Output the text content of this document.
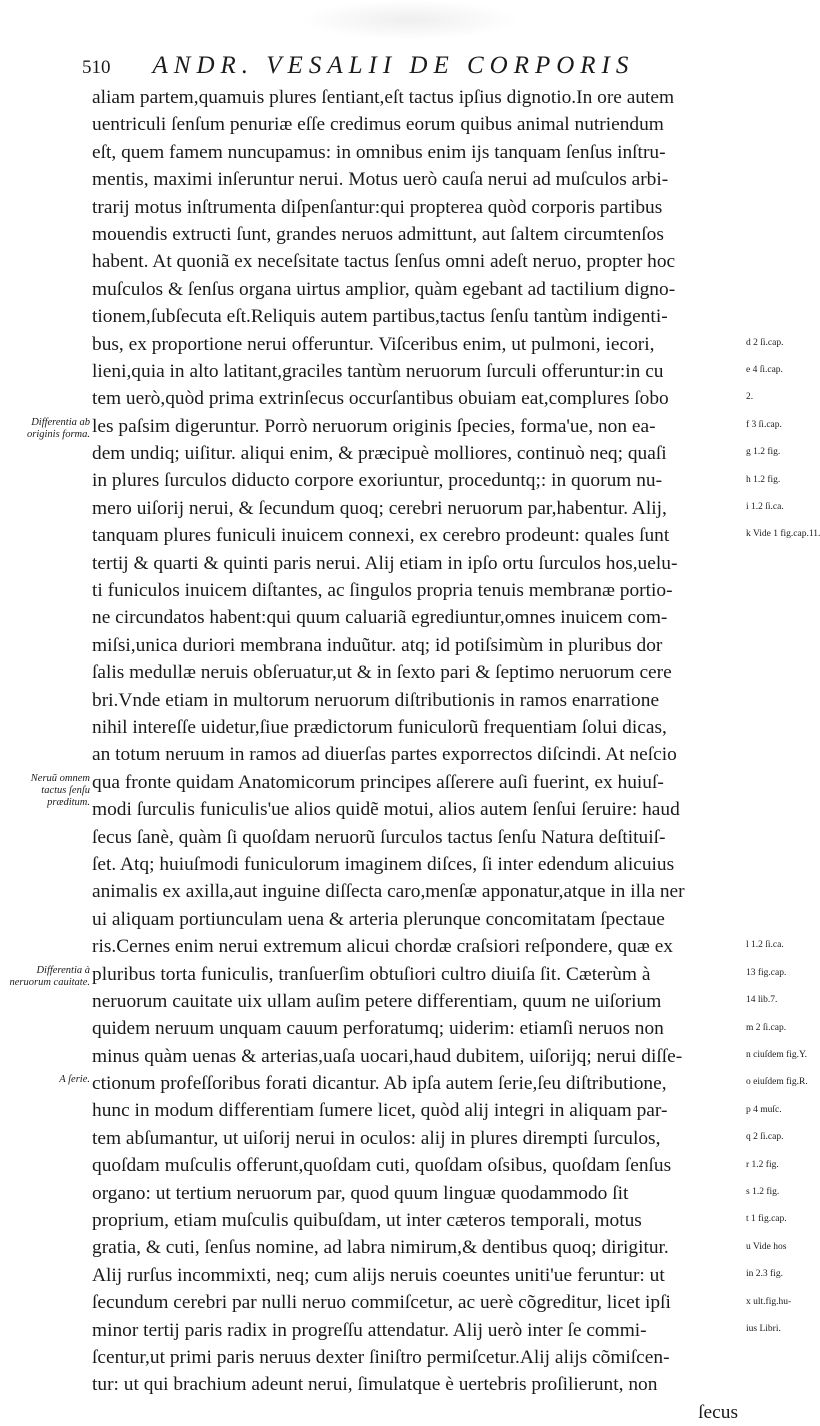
510 ANDR. VESALII DE CORPORIS
aliam partem,quamuis plures ſentiant,eſt tactus ipſius dignotio.In ore autem
uentriculi ſenſum penuriæ eſſe credimus eorum quibus animal nutriendum
eſt, quem famem nuncupamus: in omnibus enim ijs tanquam ſenſus inſtru-
mentis, maximi inſeruntur nerui. Motus uerò cauſa nerui ad muſculos arbi-
trarij motus inſtrumenta diſpenſantur:qui propterea quòd corporis partibus
mouendis extructi ſunt, grandes neruos admittunt, aut ſaltem circumtenſos
habent. At quoniã ex neceſsitate tactus ſenſus omni adeſt neruo, propter hoc
muſculos & ſenſus organa uirtus amplior, quàm egebant ad tactilium digno-
tionem,ſubſecuta eſt.Reliquis autem partibus,tactus ſenſu tantùm indigenti-
bus, ex proportione nerui offeruntur. Viſceribus enim, ut pulmoni, iecori,
lieni,quia in alto latitant,graciles tantùm neruorum ſurculi offeruntur:in cu
tem uerò,quòd prima extrinſecus occurſantibus obuiam eat,complures ſobo
les paſsim digeruntur. Porrò neruorum originis ſpecies, forma'ue, non ea-
dem undiq; uiſitur. aliqui enim, & præcipuè molliores, continuò neq; quaſi
in plures ſurculos diducto corpore exoriuntur, proceduntq;: in quorum nu-
mero uiſorij nerui, & ſecundum quoq; cerebri neruorum par,habentur. Alij,
tanquam plures funiculi inuicem connexi, ex cerebro prodeunt: quales ſunt
tertij & quarti & quinti paris nerui. Alij etiam in ipſo ortu ſurculos hos,uelu-
ti funiculos inuicem diſtantes, ac ſingulos propria tenuis membranæ portio-
ne circundatos habent:qui quum caluariã egrediuntur,omnes inuicem com-
miſsi,unica duriori membrana induũtur. atq; id potiſsimùm in pluribus dor
ſalis medullæ neruis obſeruatur,ut & in ſexto pari & ſeptimo neruorum cere
bri.Vnde etiam in multorum neruorum diſtributionis in ramos enarratione
nihil intereſſe uidetur,ſiue prædictorum funiculorũ frequentiam ſolui dicas,
an totum neruum in ramos ad diuerſas partes exporrectos diſcindi. At neſcio
qua fronte quidam Anatomicorum principes aſſerere auſi fuerint, ex huiuſ-
modi ſurculis funiculis'ue alios quidẽ motui, alios autem ſenſui ſeruire: haud
ſecus ſanè, quàm ſi quoſdam neruorũ ſurculos tactus ſenſu Natura deſtituiſ-
ſet. Atq; huiuſmodi funiculorum imaginem diſces, ſi inter edendum alicuius
animalis ex axilla,aut inguine diſſecta caro,menſæ apponatur,atque in illa ner
ui aliquam portiunculam uena & arteria plerunque concomitatam ſpectaue
ris.Cernes enim nerui extremum alicui chordæ craſsiori reſpondere, quæ ex
pluribus torta funiculis, tranſuerſim obtuſiori cultro diuiſa ſit. Cæterùm à
neruorum cauitate uix ullam auſim petere differentiam, quum ne uiſorium
quidem neruum unquam cauum perforatumq; uiderim: etiamſi neruos non
minus quàm uenas & arterias,uaſa uocari,haud dubitem, uiſorijq; nerui diſſe-
ctionum profeſſoribus forati dicantur. Ab ipſa autem ſerie,ſeu diſtributione,
hunc in modum differentiam ſumere licet, quòd alij integri in aliquam par-
tem abſumantur, ut uiſorij nerui in oculos: alij in plures dirempti ſurculos,
quoſdam muſculis offerunt,quoſdam cuti, quoſdam oſsibus, quoſdam ſenſus
organo: ut tertium neruorum par, quod quum linguæ quodammodo ſit
proprium, etiam muſculis quibuſdam, ut inter cæteros temporali, motus
gratia, & cuti, ſenſus nomine, ad labra nimirum,& dentibus quoq; dirigitur.
Alij rurſus incommixti, neq; cum alijs neruis coeuntes uniti'ue feruntur: ut
ſecundum cerebri par nulli neruo commiſcetur, ac uerè cõgreditur, licet ipſi
minor tertij paris radix in progreſſu attendatur. Alij uerò inter ſe commi-
ſcentur,ut primi paris neruus dexter ſiniſtro permiſcetur.Alij alijs cõmiſcen-
tur: ut qui brachium adeunt nerui, ſimulatque è uertebris proſilierunt, non
ſecus
Differentia ab originis forma.
Neruũ omnem tactus ſenſu præditum.
Differentia à neruorum cauitate.
A ſerie.
d 2 ſi.cap.
e 4 ſi.cap.
2.
f 3 ſi.cap.
g 1.2 fig.
h 1.2 fig.
i 1.2 ſi.ca.
k Vide 1 fig.cap.11.
l 1.2 ſi.ca.
13 fig.cap.
14 lib.7.
m 2 ſi.cap.
n ciuſdem fig.Y.
o eiuſdem fig.R.
p 4 muſc.
q 2 ſi.cap.
r 1.2 fig.
s 1.2 fig.
t 1 fig.cap.
u Vide hos
in 2.3 fig.
x ult.fig.hu-
ius Libri.
